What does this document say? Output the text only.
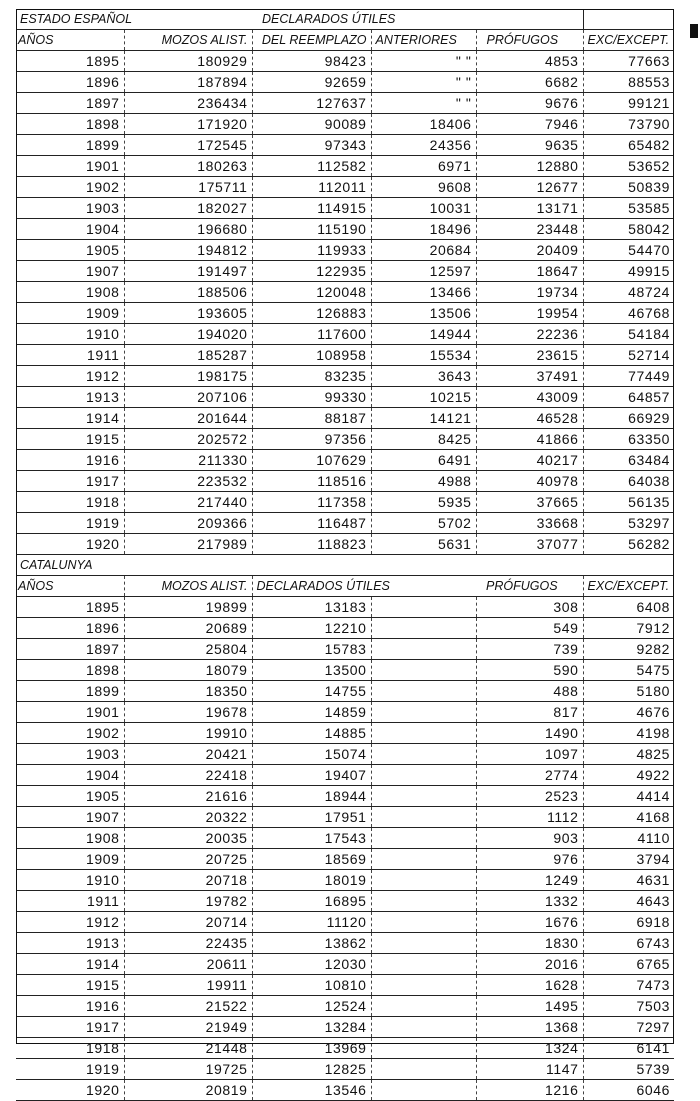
ESTADO ESPAÑOL		DECLARADOS ÚTILES			
AÑOS	MOZOS ALIST.	DEL REEMPLAZO	ANTERIORES	PRÓFUGOS	EXC/EXCEPT.
1895	180929	98423	" "	4853	77663
1896	187894	92659	" "	6682	88553
1897	236434	127637	" "	9676	99121
1898	171920	90089	18406	7946	73790
1899	172545	97343	24356	9635	65482
1901	180263	112582	6971	12880	53652
1902	175711	112011	9608	12677	50839
1903	182027	114915	10031	13171	53585
1904	196680	115190	18496	23448	58042
1905	194812	119933	20684	20409	54470
1907	191497	122935	12597	18647	49915
1908	188506	120048	13466	19734	48724
1909	193605	126883	13506	19954	46768
1910	194020	117600	14944	22236	54184
1911	185287	108958	15534	23615	52714
1912	198175	83235	3643	37491	77449
1913	207106	99330	10215	43009	64857
1914	201644	88187	14121	46528	66929
1915	202572	97356	8425	41866	63350
1916	211330	107629	6491	40217	63484
1917	223532	118516	4988	40978	64038
1918	217440	117358	5935	37665	56135
1919	209366	116487	5702	33668	53297
1920	217989	118823	5631	37077	56282
CATALUNYA					
AÑOS	MOZOS ALIST.	DECLARADOS ÚTILES		PRÓFUGOS	EXC/EXCEPT.
1895	19899	13183		308	6408
1896	20689	12210		549	7912
1897	25804	15783		739	9282
1898	18079	13500		590	5475
1899	18350	14755		488	5180
1901	19678	14859		817	4676
1902	19910	14885		1490	4198
1903	20421	15074		1097	4825
1904	22418	19407		2774	4922
1905	21616	18944		2523	4414
1907	20322	17951		1112	4168
1908	20035	17543		903	4110
1909	20725	18569		976	3794
1910	20718	18019		1249	4631
1911	19782	16895		1332	4643
1912	20714	11120		1676	6918
1913	22435	13862		1830	6743
1914	20611	12030		2016	6765
1915	19911	10810		1628	7473
1916	21522	12524		1495	7503
1917	21949	13284		1368	7297
1918	21448	13969		1324	6141
1919	19725	12825		1147	5739
1920	20819	13546		1216	6046
